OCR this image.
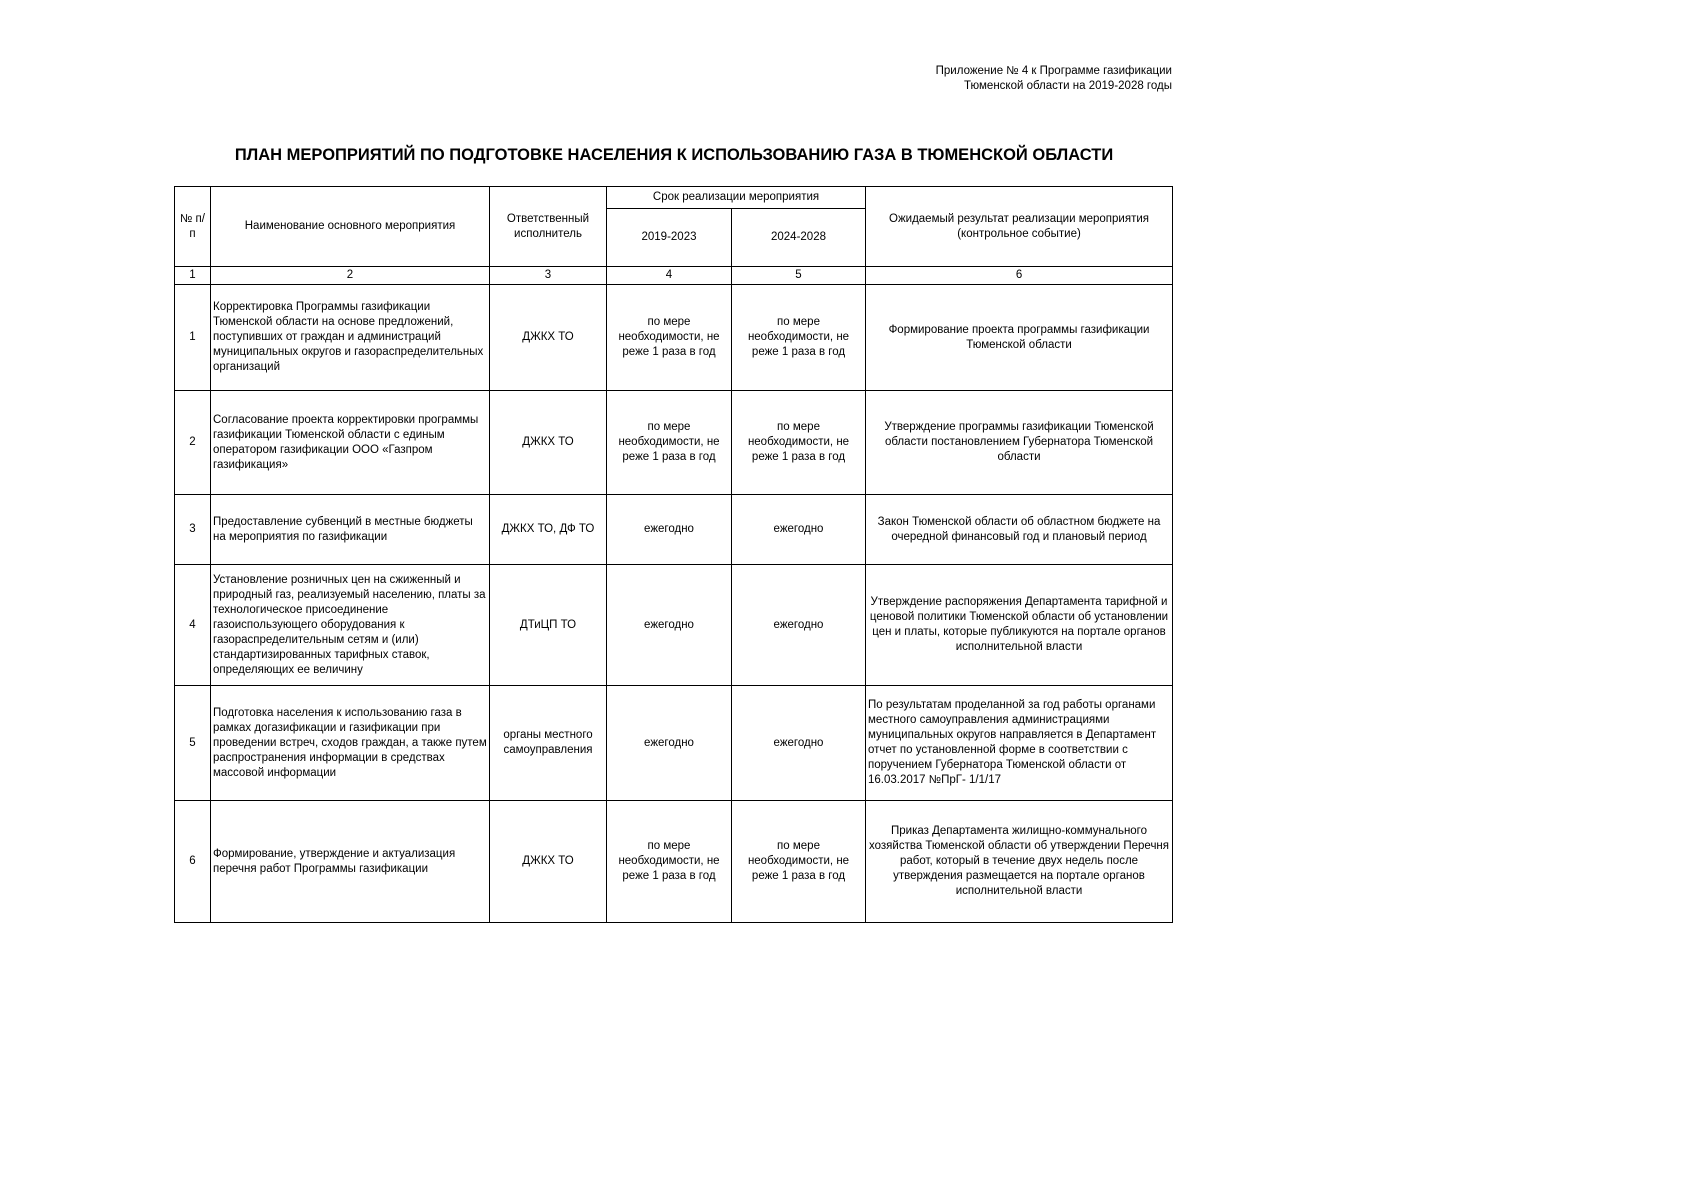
Приложение № 4 к Программе газификации
Тюменской области на 2019-2028 годы
ПЛАН МЕРОПРИЯТИЙ ПО ПОДГОТОВКЕ НАСЕЛЕНИЯ К ИСПОЛЬЗОВАНИЮ ГАЗА В ТЮМЕНСКОЙ ОБЛАСТИ
№ п/п	Наименование основного мероприятия	Ответственный исполнитель	Срок реализации мероприятия		Ожидаемый результат реализации мероприятия (контрольное событие)
			2019-2023	2024-2028	
1	2	3	4	5	6
1	Корректировка Программы газификации Тюменской области на основе предложений, поступивших от граждан и администраций муниципальных округов и газораспределительных организаций	ДЖКХ ТО	по мере необходимости, не реже 1 раза в год	по мере необходимости, не реже 1 раза в год	Формирование проекта программы газификации Тюменской области
2	Согласование проекта корректировки программы газификации Тюменской области с единым оператором газификации ООО «Газпром газификация»	ДЖКХ ТО	по мере необходимости, не реже 1 раза в год	по мере необходимости, не реже 1 раза в год	Утверждение программы газификации Тюменской области постановлением Губернатора Тюменской области
3	Предоставление субвенций в местные бюджеты на мероприятия по газификации	ДЖКХ ТО, ДФ ТО	ежегодно	ежегодно	Закон Тюменской области об областном бюджете на очередной финансовый год и плановый период
4	Установление розничных цен на сжиженный и природный газ, реализуемый населению, платы за технологическое присоединение газоиспользующего оборудования к газораспределительным сетям и (или) стандартизированных тарифных ставок, определяющих ее величину	ДТиЦП ТО	ежегодно	ежегодно	Утверждение распоряжения Департамента тарифной и ценовой политики Тюменской области об установлении цен и платы, которые публикуются на портале органов исполнительной власти
5	Подготовка населения к использованию газа в рамках догазификации и газификации при проведении встреч, сходов граждан, а также путем распространения информации в средствах массовой информации	органы местного самоуправления	ежегодно	ежегодно	По результатам проделанной за год работы органами местного самоуправления администрациями муниципальных округов направляется в Департамент отчет по установленной форме в соответствии с поручением Губернатора Тюменской области от 16.03.2017 №ПрГ- 1/1/17
6	Формирование, утверждение и актуализация перечня работ Программы газификации	ДЖКХ ТО	по мере необходимости, не реже 1 раза в год	по мере необходимости, не реже 1 раза в год	Приказ Департамента жилищно-коммунального хозяйства Тюменской области об утверждении Перечня работ, который в течение двух недель после утверждения размещается на портале органов исполнительной власти
